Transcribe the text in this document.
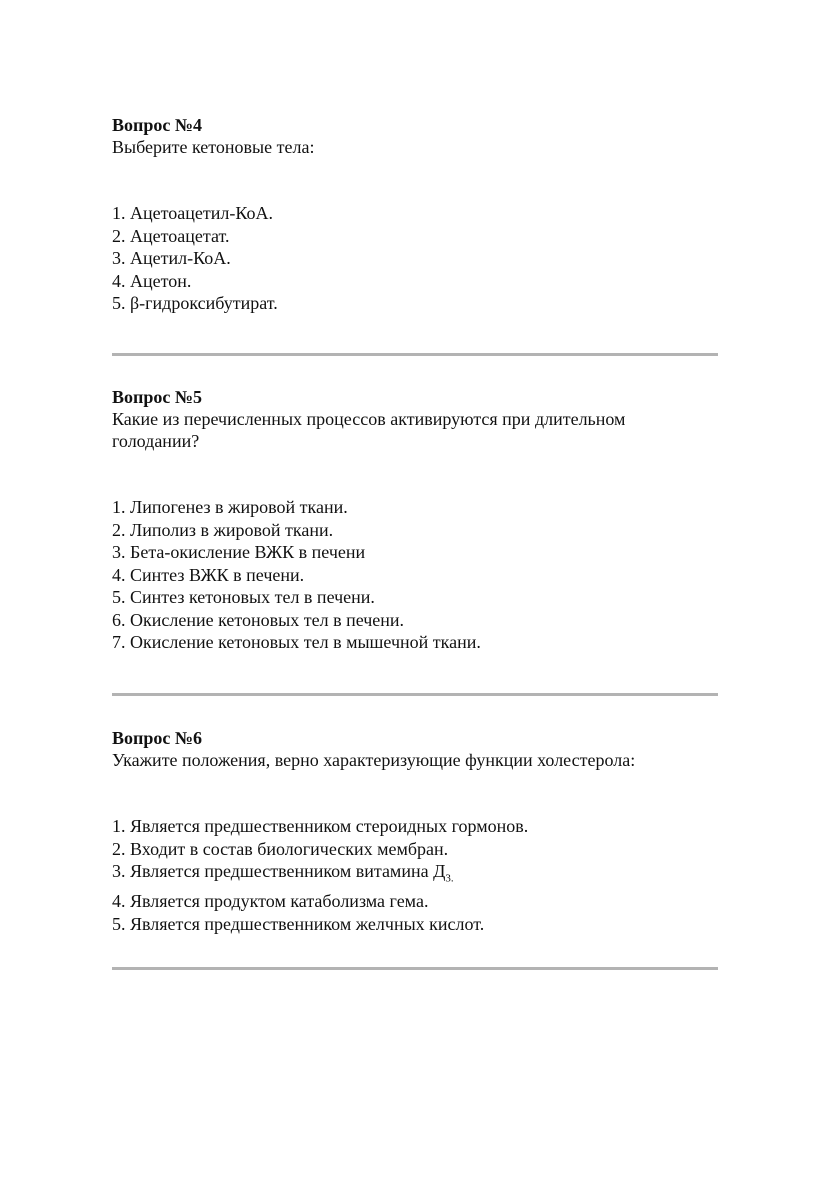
Вопрос №4

Выберите кетоновые тела:

1. Ацетоацетил-КоА.
2. Ацетоацетат.
3. Ацетил-КоА.
4. Ацетон.
5. β-гидроксибутират.

Вопрос №5

Какие из перечисленных процессов активируются при длительном

голодании?

1. Липогенез в жировой ткани.
2. Липолиз в жировой ткани.
3. Бета-окисление ВЖК в печени
4. Синтез ВЖК в печени.
5. Синтез кетоновых тел в печени.
6. Окисление кетоновых тел в печени.
7. Окисление кетоновых тел в мышечной ткани.

Вопрос №6

Укажите положения, верно характеризующие функции холестерола:

1. Является предшественником стероидных гормонов.
2. Входит в состав биологических мембран.
3. Является предшественником витамина $Д_{3.}$
4. Является продуктом катаболизма гема.
5. Является предшественником желчных кислот.
